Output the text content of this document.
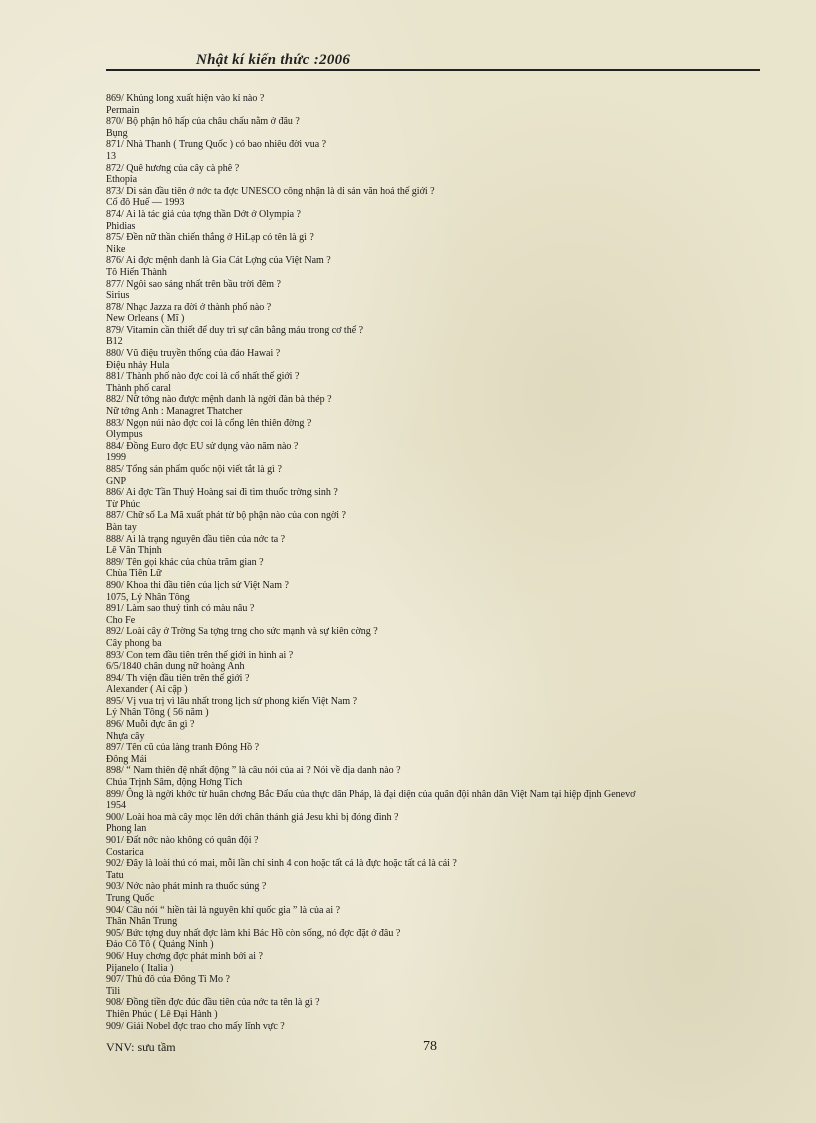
Nhật kí kiến thức :2006
869/ Khủng long xuất hiện vào kỉ nào ?
Permain
870/ Bộ phận hô hấp của châu chấu nằm ở đâu ?
Bụng
871/ Nhà Thanh ( Trung Quốc ) có bao nhiêu đời vua ?
13
872/ Quê hương của cây cà phê ?
Ethopia
873/ Di sản đầu tiên ở nớc ta đợc UNESCO công nhận là di sản văn hoá thế giới ?
Cố đô Huế — 1993
874/ Ai là tác giả của tợng thần Dớt ở Olympia ?
Phidias
875/ Đền nữ thần chiến thắng ở HiLạp có tên là gì ?
Nike
876/ Ai đợc mệnh danh là Gia Cát Lợng của Việt Nam ?
Tô Hiến Thành
877/ Ngôi sao sáng nhất trên bầu trời đêm ?
Sirius
878/ Nhạc Jazza ra đời ở thành phố nào ?
New Orleans ( Mĩ )
879/ Vitamin cần thiết để duy trì sự cân bằng máu trong cơ thể ?
B12
880/ Vũ điệu truyền thống của đảo Hawai ?
Điệu nhảy Hula
881/ Thành phố nào đợc coi là cổ nhất thế giới ?
Thành phố caral
882/ Nữ tớng nào được mệnh danh là ngời đàn bà thép ?
Nữ tớng Anh : Managret Thatcher
883/ Ngọn núi nào đợc coi là cổng lên thiên đờng ?
Olympus
884/ Đồng Euro đợc EU sử dụng vào năm nào ?
1999
885/ Tổng sản phẩm quốc nội viết tắt là gì ?
GNP
886/ Ai đợc Tần Thuỷ Hoàng sai đi tìm thuốc trờng sinh ?
Từ Phúc
887/ Chữ số La Mã xuất phát từ bộ phận nào của con ngời ?
Bàn tay
888/ Ai là trạng nguyên đầu tiên của nớc ta ?
Lê Văn Thịnh
889/ Tên gọi khác của chùa trăm gian ?
Chùa Tiên Lữ
890/ Khoa thi đầu tiên của lịch sử Việt Nam ?
1075, Lý Nhân Tông
891/ Làm sao thuỷ tinh có màu nâu ?
Cho Fe
892/ Loài cây ở Trờng Sa tợng trng cho sức mạnh và sự kiên cờng ?
Cây phong ba
893/ Con tem đầu tiên trên thế giới in hình ai ?
6/5/1840 chân dung nữ hoàng Anh
894/ Th viện đầu tiên trên thế giới ?
Alexander ( Ai cập )
895/ Vị vua trị vì lâu nhất trong lịch sử phong kiến Việt Nam ?
Lý Nhân Tông ( 56 năm )
896/ Muỗi đực ăn gì ?
Nhựa cây
897/ Tên cũ của làng tranh Đông Hồ ?
Đông Mái
898/ “ Nam thiên đệ nhất động ” là câu nói của ai ? Nói về địa danh nào ?
Chúa Trịnh Sâm, động Hơng Tích
899/ Ông là ngời khớc từ huân chơng Bắc Đẩu của thực dân Pháp, là đại diện của quân đội nhân dân Việt Nam tại hiệp định Genevơ
1954
900/ Loài hoa mà cây mọc lên dới chân thánh giá Jesu khi bị đóng đinh ?
Phong lan
901/ Đất nớc nào không có quân đội ?
Costarica
902/ Đây là loài thú có mai, mỗi lần chỉ sinh 4 con hoặc tất cả là đực hoặc tất cả là cái ?
Tatu
903/ Nớc nào phát minh ra thuốc súng ?
Trung Quốc
904/ Câu nói “ hiền tài là nguyên khí quốc gia ” là của ai ?
Thân Nhân Trung
905/ Bức tợng duy nhất đợc làm khi Bác Hồ còn sống, nó đợc đặt ở đâu ?
Đảo Cô Tô ( Quảng Ninh )
906/ Huy chơng đợc phát minh bởi ai ?
Pijanelo ( Italia )
907/ Thủ đô của Đông Ti Mo ?
Tili
908/ Đồng tiền đợc đúc đầu tiên của nớc ta tên là gì ?
Thiên Phúc ( Lê Đại Hành )
909/ Giải Nobel đợc trao cho mấy lĩnh vực ?
VNV: sưu tầm	78
